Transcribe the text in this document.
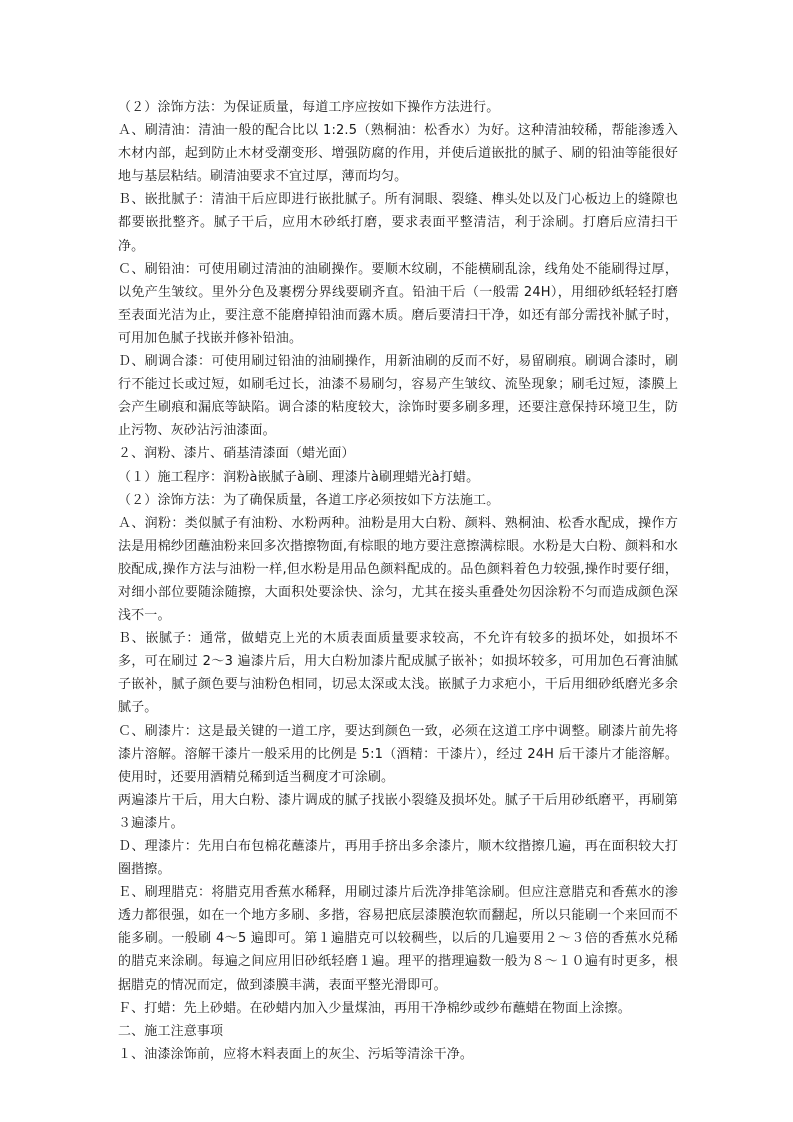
（２）涂饰方法：为保证质量，每道工序应按如下操作方法进行。

Ａ、刷清油：清油一般的配合比以 1:2.5（熟桐油：松香水）为好。这种清油较稀，帮能渗透入木材内部，起到防止木材受潮变形、增强防腐的作用，并使后道嵌批的腻子、刷的铅油等能很好地与基层粘结。刷清油要求不宜过厚，薄而均匀。

Ｂ、嵌批腻子：清油干后应即进行嵌批腻子。所有洞眼、裂缝、榫头处以及门心板边上的缝隙也都要嵌批整齐。腻子干后，应用木砂纸打磨，要求表面平整清洁，利于涂刷。打磨后应清扫干净。

Ｃ、刷铅油：可使用刷过清油的油刷操作。要顺木纹刷，不能横刷乱涂，线角处不能刷得过厚，以免产生皱纹。里外分色及裹楞分界线要刷齐直。铅油干后（一般需 24H），用细砂纸轻轻打磨至表面光洁为止，要注意不能磨掉铅油而露木质。磨后要清扫干净，如还有部分需找补腻子时，可用加色腻子找嵌并修补铅油。

Ｄ、刷调合漆：可使用刷过铅油的油刷操作，用新油刷的反而不好，易留刷痕。刷调合漆时，刷行不能过长或过短，如刷毛过长，油漆不易刷匀，容易产生皱纹、流坠现象；刷毛过短，漆膜上会产生刷痕和漏底等缺陷。调合漆的粘度较大，涂饰时要多刷多理，还要注意保持环境卫生，防止污物、灰砂沾污油漆面。

２、润粉、漆片、硝基清漆面（蜡光面）

（１）施工程序：润粉à嵌腻子à刷、理漆片à刷理蜡光à打蜡。

（２）涂饰方法：为了确保质量，各道工序必须按如下方法施工。

Ａ、润粉：类似腻子有油粉、水粉两种。油粉是用大白粉、颜料、熟桐油、松香水配成，操作方法是用棉纱团蘸油粉来回多次揩擦物面,有棕眼的地方要注意擦满棕眼。水粉是大白粉、颜料和水胶配成,操作方法与油粉一样,但水粉是用品色颜料配成的。品色颜料着色力较强,操作时要仔细，对细小部位要随涂随擦，大面积处要涂快、涂匀，尤其在接头重叠处勿因涂粉不匀而造成颜色深浅不一。

Ｂ、嵌腻子：通常，做蜡克上光的木质表面质量要求较高，不允许有较多的损坏处，如损坏不多，可在刷过 2～3 遍漆片后，用大白粉加漆片配成腻子嵌补；如损坏较多，可用加色石膏油腻子嵌补，腻子颜色要与油粉色相同，切忌太深或太浅。嵌腻子力求疤小，干后用细砂纸磨光多余腻子。

Ｃ、刷漆片：这是最关键的一道工序，要达到颜色一致，必须在这道工序中调整。刷漆片前先将漆片溶解。溶解干漆片一般采用的比例是 5:1（酒精：干漆片），经过 24H 后干漆片才能溶解。使用时，还要用酒精兑稀到适当稠度才可涂刷。

两遍漆片干后，用大白粉、漆片调成的腻子找嵌小裂缝及损坏处。腻子干后用砂纸磨平，再刷第３遍漆片。

Ｄ、理漆片：先用白布包棉花蘸漆片，再用手挤出多余漆片，顺木纹揩擦几遍，再在面积较大打圈揩擦。

Ｅ、刷理腊克：将腊克用香蕉水稀释，用刷过漆片后洗净排笔涂刷。但应注意腊克和香蕉水的渗透力都很强，如在一个地方多刷、多揩，容易把底层漆膜泡软而翻起，所以只能刷一个来回而不能多刷。一般刷 4～5 遍即可。第１遍腊克可以较稠些，以后的几遍要用２～３倍的香蕉水兑稀的腊克来涂刷。每遍之间应用旧砂纸轻磨１遍。理平的揩理遍数一般为８～１０遍有时更多，根据腊克的情况而定，做到漆膜丰满，表面平整光滑即可。

Ｆ、打蜡：先上砂蜡。在砂蜡内加入少量煤油，再用干净棉纱或纱布蘸蜡在物面上涂擦。

二、施工注意事项

１、油漆涂饰前，应将木料表面上的灰尘、污垢等清涂干净。
